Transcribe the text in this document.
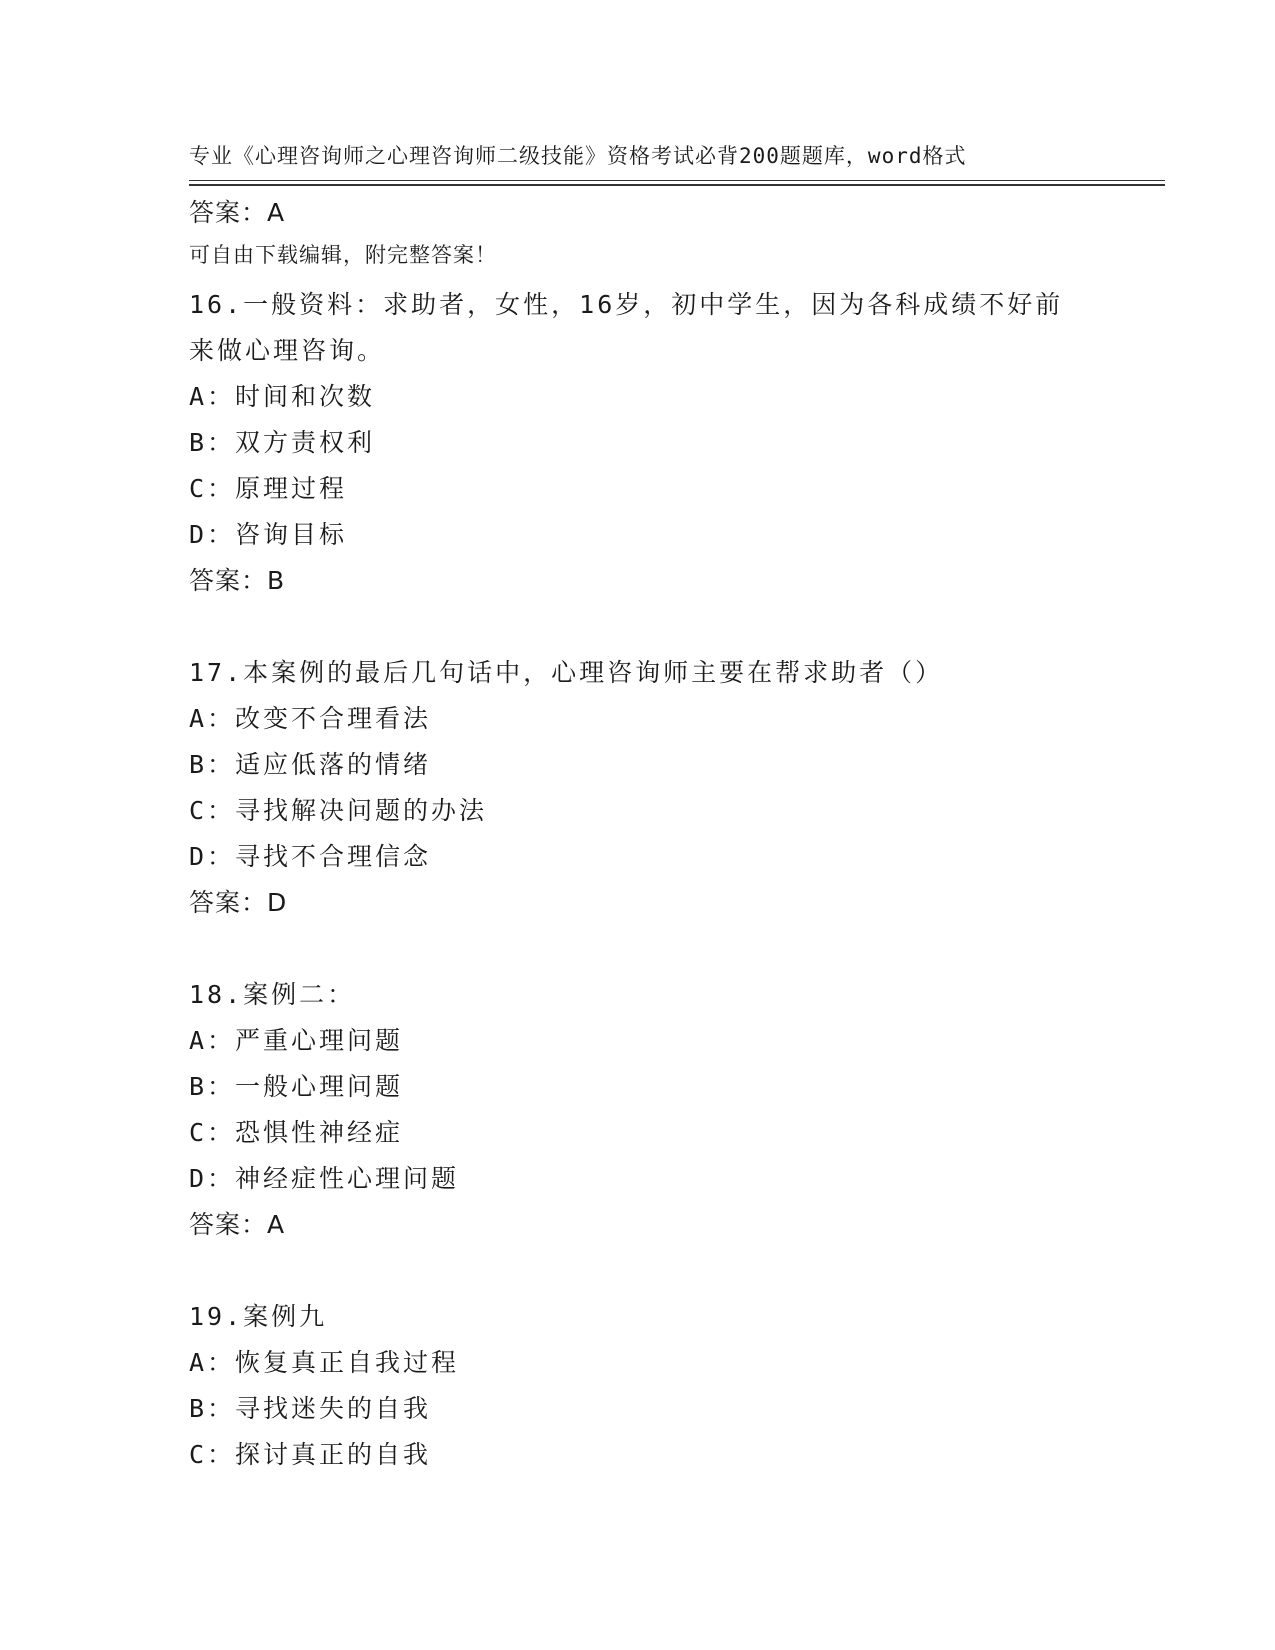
专业《心理咨询师之心理咨询师二级技能》资格考试必背200题题库，word格式

可自由下载编辑，附完整答案！

答案：A
16.一般资料：求助者，女性，16岁，初中学生，因为各科成绩不好前
来做心理咨询。
A：时间和次数
B：双方责权利
C：原理过程
D：咨询目标
答案：B
17.本案例的最后几句话中，心理咨询师主要在帮求助者（）
A：改变不合理看法
B：适应低落的情绪
C：寻找解决问题的办法
D：寻找不合理信念
答案：D
18.案例二：
A：严重心理问题
B：一般心理问题
C：恐惧性神经症
D：神经症性心理问题
答案：A
19.案例九
A：恢复真正自我过程
B：寻找迷失的自我
C：探讨真正的自我
